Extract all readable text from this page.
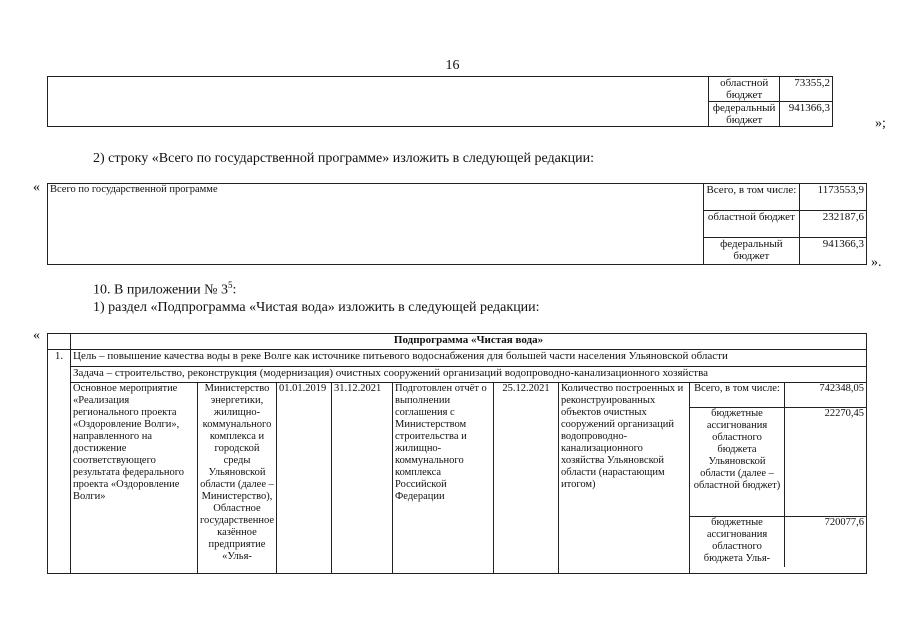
16
	областной бюджет	73355,2
	федеральный бюджет	941366,3
»;
2) строку «Всего по государственной программе» изложить в следующей редакции:
« Всего по государственной программе	Всего, в том числе:	1173553,9
	областной бюджет	232187,6
	федеральный бюджет	941366,3
».
10. В приложении № $3^5$:
1) раздел «Подпрограмма «Чистая вода» изложить в следующей редакции:
«
		Подпрограмма «Чистая вода»
1.	Цель – повышение качества воды в реке Волге как источнике питьевого водоснабжения для большей части населения Ульяновской области
Задача – строительство, реконструкция (модернизация) очистных сооружений организаций водопроводно-канализационного хозяйства
Основное мероприятие «Реализация регионального проекта «Оздоровление Волги», направленного на достижение соответствующего результата федерального проекта «Оздоровление Волги»	Министерство энергетики, жилищно-коммунального комплекса и городской среды Ульяновской области (далее – Министерство), Областное государственное казённое предприятие «Улья-	01.01.2019	31.12.2021	Подготовлен отчёт о выполнении соглашения с Министерством строительства и жилищно-коммунального комплекса Российской Федерации	25.12.2021	Количество построенных и реконструированных объектов очистных сооружений организаций водопроводно-канализационного хозяйства Ульяновской области (нарастающим итогом)	
Всего, в том числе:	742348,05
бюджетные ассигнования областного бюджета Ульяновской области (далее – областной бюджет)	22270,45
бюджетные ассигнования областного бюджета Улья-	720077,6
